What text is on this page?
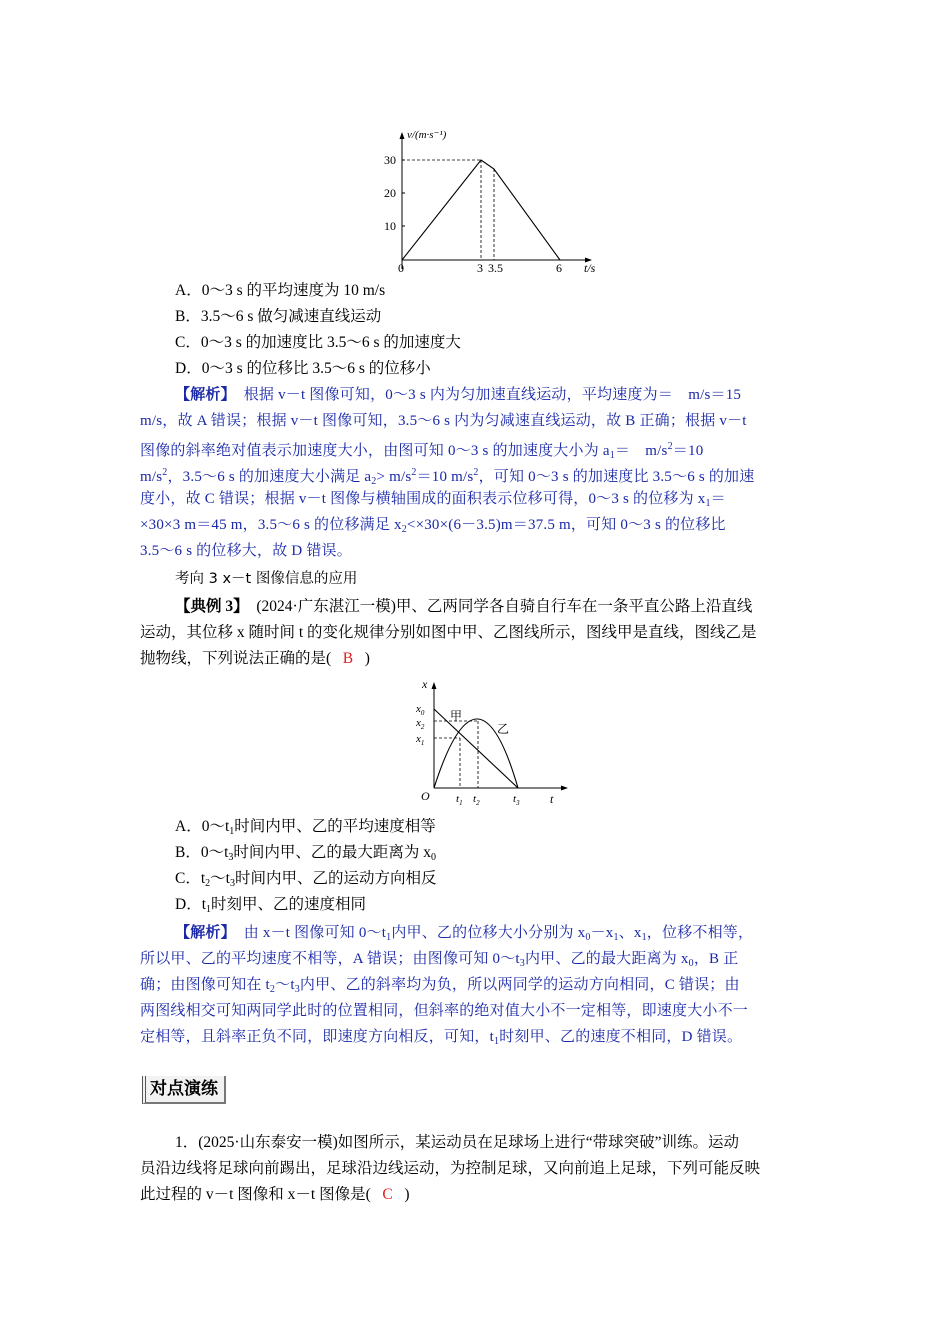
v/(m·s⁻¹)
30
20
10
0	3 3.5	6 t/s
A．0～3 s 的平均速度为 10 m/s
B．3.5～6 s 做匀减速直线运动
C．0～3 s 的加速度比 3.5～6 s 的加速度大
D．0～3 s 的位移比 3.5～6 s 的位移小
【解析】 根据 v－t 图像可知，0～3 s 内为匀加速直线运动，平均速度为＝　m/s＝15
m/s，故 A 错误；根据 v－t 图像可知，3.5～6 s 内为匀减速直线运动，故 B 正确；根据 v－t
图像的斜率绝对值表示加速度大小，由图可知 0～3 s 的加速度大小为 $a_1=$　$m/s^2=10$
$m/s^2$，3.5～6 s 的加速度大小满足 $a_2> m/s^2=10$ $m/s^2$，可知 0～3 s 的加速度比 3.5～6 s 的加速
度小，故 C 错误；根据 v－t 图像与横轴围成的面积表示位移可得，0～3 s 的位移为 $x_1=$
×30×3 m＝45 m，3.5～6 s 的位移满足 $x_2<\times 30\times(6-3.5)m=37.5$ m，可知 0～3 s 的位移比
3.5～6 s 的位移大，故 D 错误。
考向 3 x－t 图像信息的应用
【典例 3】 (2024·广东湛江一模)甲、乙两同学各自骑自行车在一条平直公路上沿直线
运动，其位移 x 随时间 t 的变化规律分别如图中甲、乙图线所示，图线甲是直线，图线乙是
抛物线，下列说法正确的是( B )
x
t
O
$x_0$
$x_2$
$x_1$
$t_1$ $t_2$	$t_3$
甲
乙
A．$0\sim t_1$时间内甲、乙的平均速度相等
B．$0\sim t_3$时间内甲、乙的最大距离为 $x_0$
C．$t_2\sim t_3$时间内甲、乙的运动方向相反
D．$t_1$时刻甲、乙的速度相同
【解析】 由 x－t 图像可知 $0\sim t_1$内甲、乙的位移大小分别为 $x_0-x_1$、$x_1$，位移不相等，
所以甲、乙的平均速度不相等，A 错误；由图像可知 $0\sim t_3$内甲、乙的最大距离为 $x_0$，B 正
确；由图像可知在 $t_2\sim t_3$内甲、乙的斜率均为负，所以两同学的运动方向相同，C 错误；由
两图线相交可知两同学此时的位置相同，但斜率的绝对值大小不一定相等，即速度大小不一
定相等，且斜率正负不同，即速度方向相反，可知，$t_1$时刻甲、乙的速度不相同，D 错误。
对点演练
1．(2025·山东泰安一模)如图所示，某运动员在足球场上进行“带球突破”训练。运动
员沿边线将足球向前踢出，足球沿边线运动，为控制足球，又向前追上足球，下列可能反映
此过程的 v－t 图像和 x－t 图像是( C )
